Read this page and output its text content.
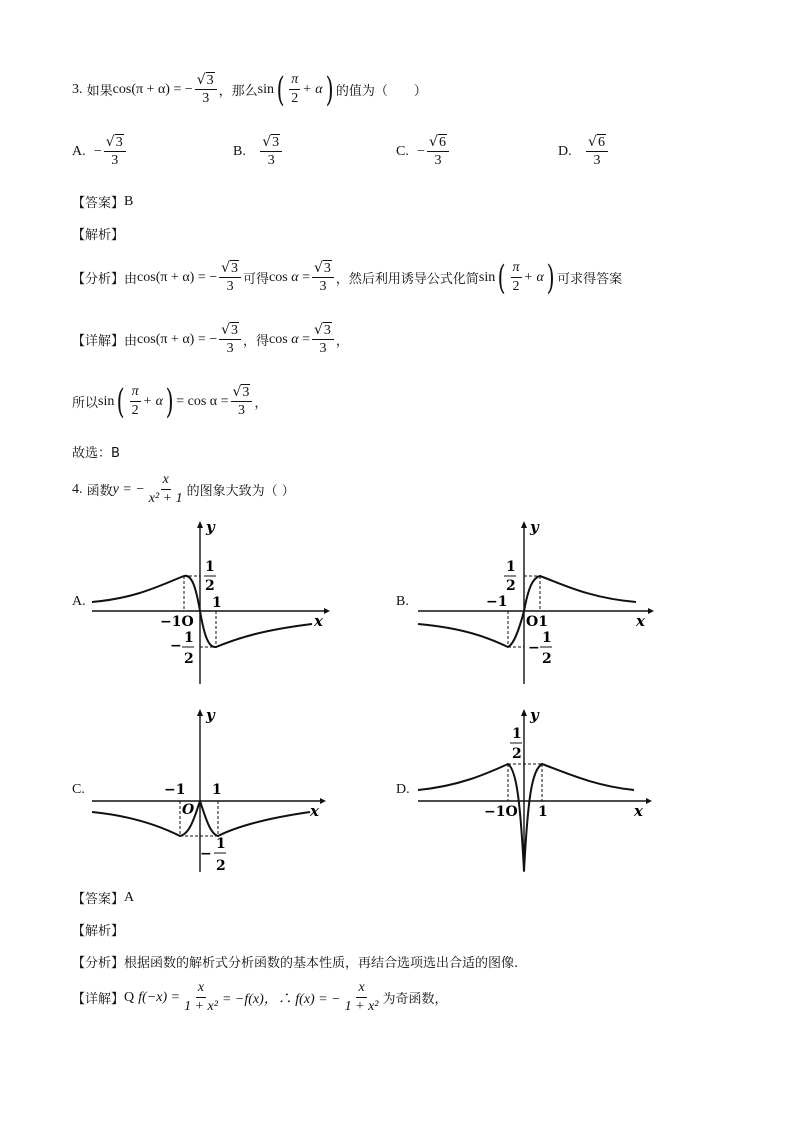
3.
如果 cos(π + α) = − $\frac{√ 3}{3}$ ，那么 sin ( $\frac{\pi}{2} + \alpha$ ) 的值为（　　）
A.
− $\frac{√ 3}{3}$	B.
$\frac{√ 3}{3}$	C.
− $\frac{√ 6}{3}$	D.
$\frac{√ 6}{3}$
【答案】 B
【解析】
【分析】 由 cos(π + α) = − $\frac{√ 3}{3}$ 可得 $\cos \alpha = \frac{√ 3}{3}$ ，然后利用诱导公式化简 sin ( $\frac{\pi}{2} + \alpha$ ) 可求得答案
【详解】 由 cos(π + α) = − $\frac{√ 3}{3}$ ，得 $\cos \alpha = \frac{√ 3}{3}$ ，
所以 sin ( $\frac{\pi}{2} + \alpha$ ) = $\cos \alpha = \frac{√ 3}{3}$ ，
故选：B
4.
函数 y = − $\frac{x}{\text{x² + 1}}$ 的图象大致为（ ）
A.
y
x
1
2
1
−1O
− 1
2
B.
y
x
1
2
−1
O1
−
1
2
C.
y
x
−1 1
O
−
1
2
D.
y
x
1
2
−1O 1
【答案】 A
【解析】
【分析】 根据函数的解析式分析函数的基本性质，再结合选项选出合适的图像.
【详解】 Q
$f(-x) = \frac{x}{\text{1 + x²}} = -f(x)$，∴ f(x) = − $\frac{x}{\text{1 + x²}}$ 为奇函数，
